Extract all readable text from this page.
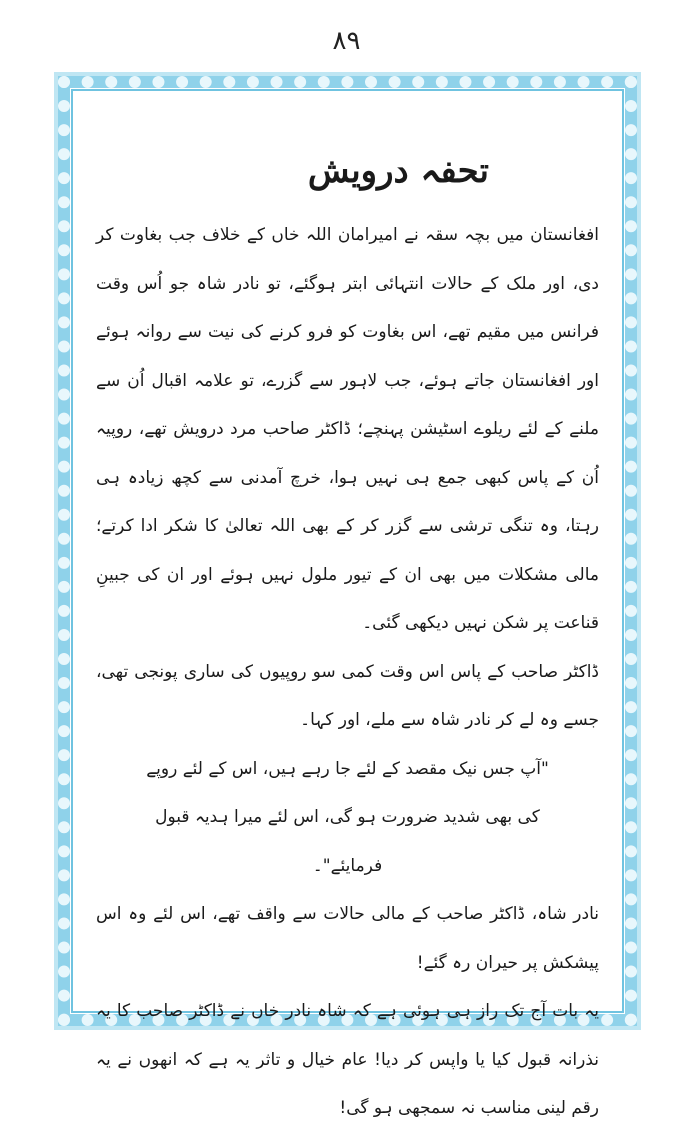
۸۹
تحفہ درویش

افغانستان میں بچہ سقہ نے امیرامان اللہ خاں کے خلاف جب بغاوت کر دی، اور ملک کے حالات انتہائی ابتر ہوگئے، تو نادر شاہ جو اُس وقت فرانس میں مقیم تھے، اس بغاوت کو فرو کرنے کی نیت سے روانہ ہوئے اور افغانستان جاتے ہوئے، جب لاہور سے گزرے، تو علامہ اقبال اُن سے ملنے کے لئے ریلوے اسٹیشن پہنچے؛ ڈاکٹر صاحب مرد درویش تھے، روپیہ اُن کے پاس کبھی جمع ہی نہیں ہوا، خرچ آمدنی سے کچھ زیادہ ہی رہتا، وہ تنگی ترشی سے گزر کر کے بھی اللہ تعالیٰ کا شکر ادا کرتے؛ مالی مشکلات میں بھی ان کے تیور ملول نہیں ہوئے اور ان کی جبینِ قناعت پر شکن نہیں دیکھی گئی۔

ڈاکٹر صاحب کے پاس اس وقت کمی سو روپیوں کی ساری پونجی تھی، جسے وہ لے کر نادر شاہ سے ملے، اور کہا۔

"آپ جس نیک مقصد کے لئے جا رہے ہیں، اس کے لئے روپے کی بھی شدید ضرورت ہو گی، اس لئے میرا ہدیہ قبول فرمایئے"۔

نادر شاہ، ڈاکٹر صاحب کے مالی حالات سے واقف تھے، اس لئے وہ اس پیشکش پر حیران رہ گئے!

یہ بات آج تک راز ہی ہوئی ہے کہ شاہ نادر خاں نے ڈاکٹر صاحب کا یہ نذرانہ قبول کیا یا واپس کر دیا! عام خیال و تاثر یہ ہے کہ انھوں نے یہ رقم لینی مناسب نہ سمجھی ہو گی!
